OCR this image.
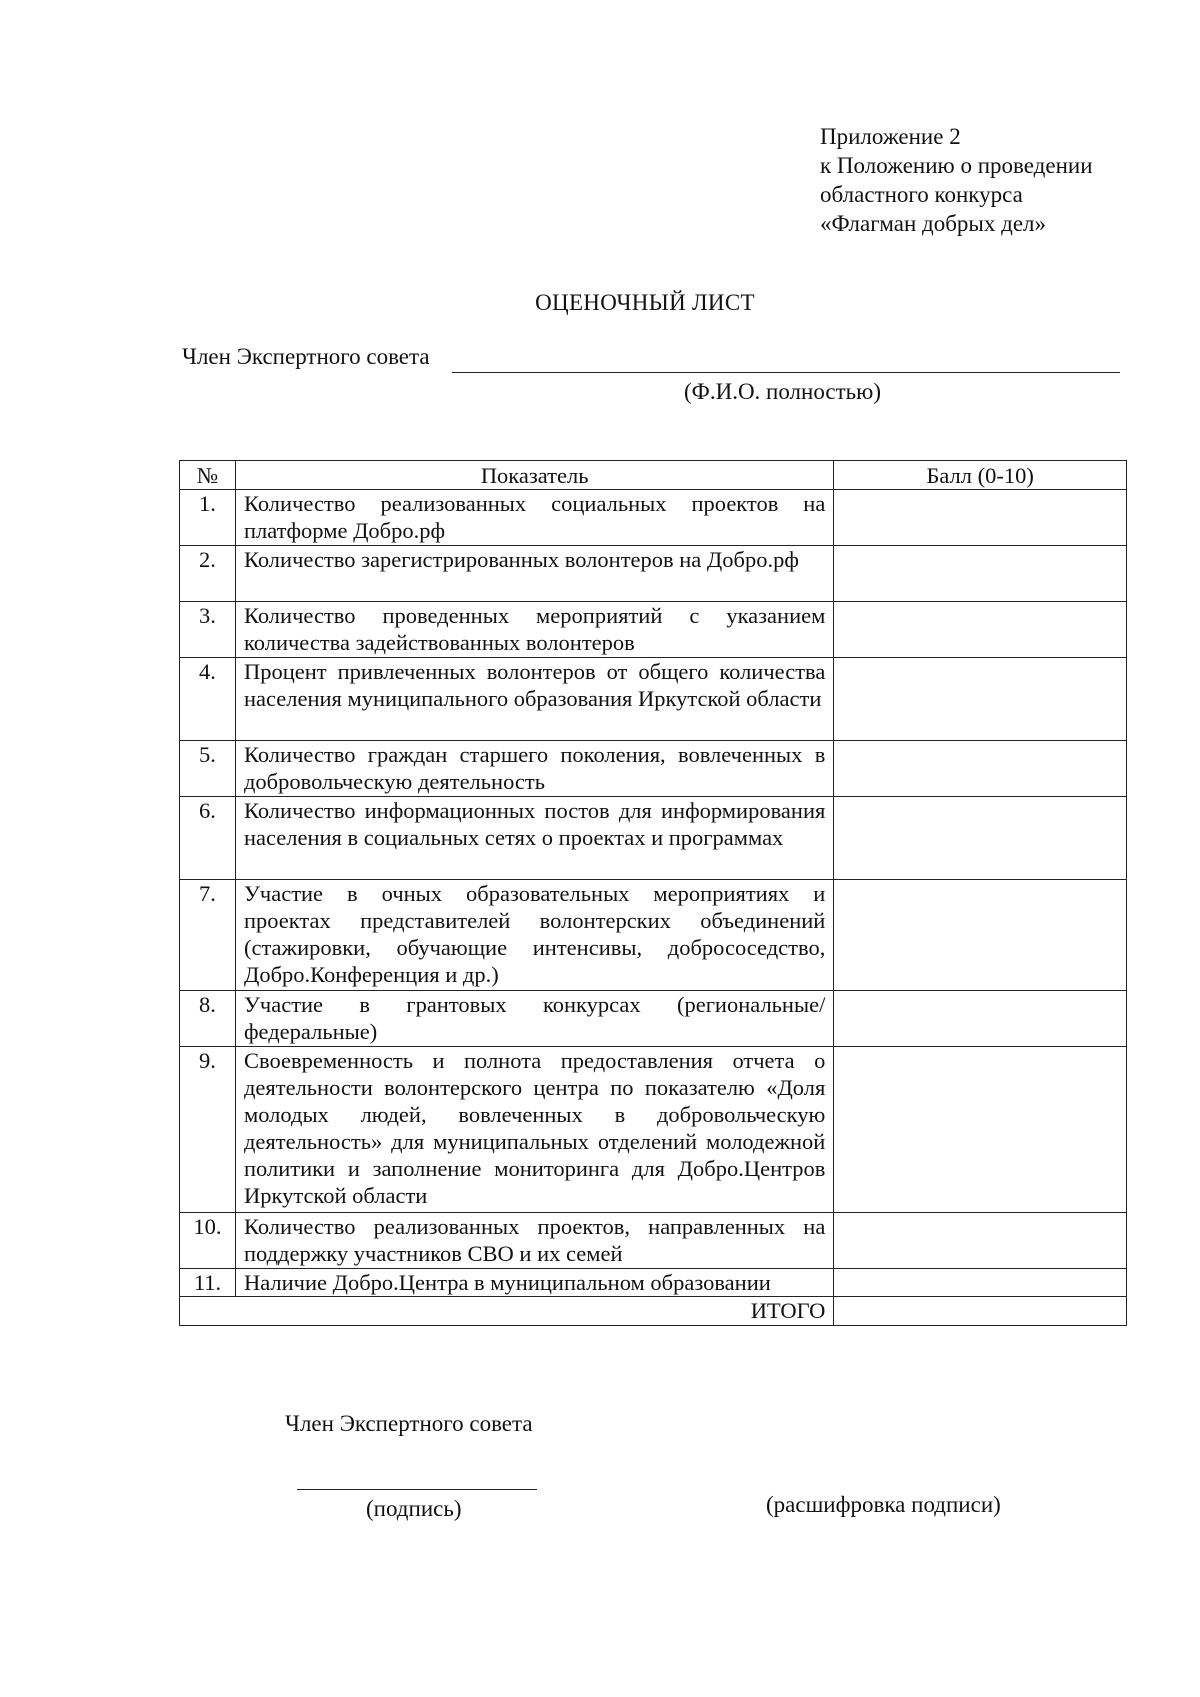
Приложение 2
к Положению о проведении
областного конкурса
«Флагман добрых дел»
ОЦЕНОЧНЫЙ ЛИСТ
Член Экспертного совета
(Ф.И.О. полностью)
№	Показатель	Балл (0-10)
1.	Количество реализованных социальных проектов на платформе Добро.рф	
2.	Количество зарегистрированных волонтеров на Добро.рф	
3.	Количество проведенных мероприятий с указанием количества задействованных волонтеров	
4.	Процент привлеченных волонтеров от общего количества населения муниципального образования Иркутской области	
5.	Количество граждан старшего поколения, вовлеченных в добровольческую деятельность	
6.	Количество информационных постов для информирования населения в социальных сетях о проектах и программах	
7.	Участие в очных образовательных мероприятиях и проектах представителей волонтерских объединений (стажировки, обучающие интенсивы, добрососедство, Добро.Конференция и др.)	
8.	Участие в грантовых конкурсах (региональные/федеральные)	
9.	Своевременность и полнота предоставления отчета о деятельности волонтерского центра по показателю «Доля молодых людей, вовлеченных в добровольческую деятельность» для муниципальных отделений молодежной политики и заполнение мониторинга для Добро.Центров Иркутской области	
10.	Количество реализованных проектов, направленных на поддержку участников СВО и их семей	
11.	Наличие Добро.Центра в муниципальном образовании	
ИТОГО		
Член Экспертного совета
(подпись)	(расшифровка подписи)
